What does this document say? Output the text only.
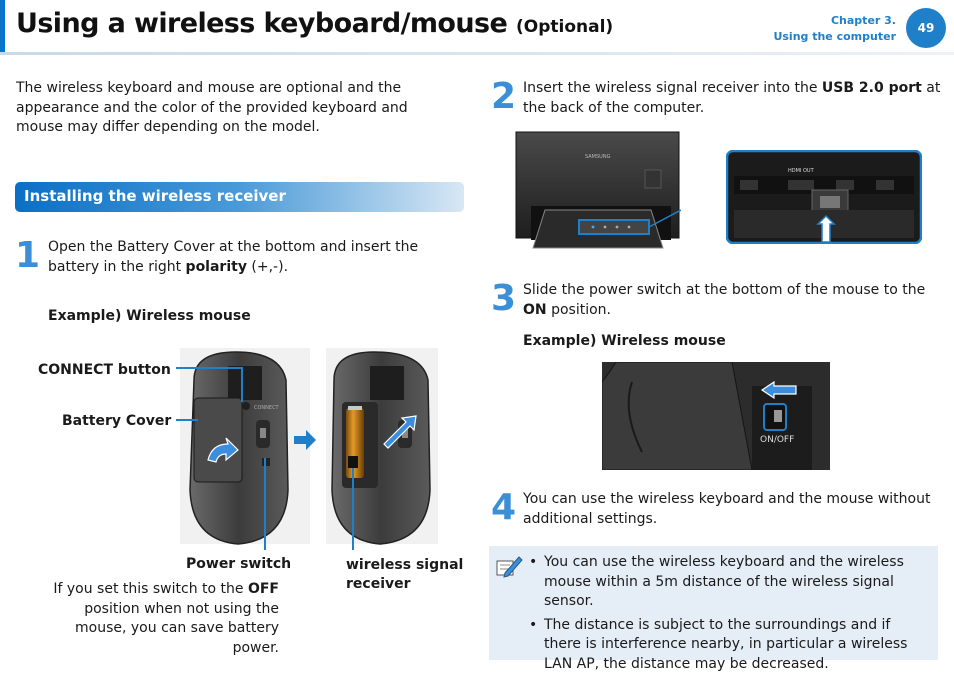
Using a wireless keyboard/mouse (Optional)	Chapter 3.
Using the computer
49

The wireless keyboard and mouse are optional and the appearance and the color of the provided keyboard and mouse may differ depending on the model.

Installing the wireless receiver
1 Open the Battery Cover at the bottom and insert the battery in the right polarity (+,-).

Example) Wireless mouse
CONNECT button
Battery Cover
CONNECT
Power switch	wireless signal receiver

If you set this switch to the OFF position when not using the mouse, you can save battery power.

2 Insert the wireless signal receiver into the USB 2.0 port at the back of the computer.

SAMSUNG
HDMI OUT
3 Slide the power switch at the bottom of the mouse to the ON position.

Example) Wireless mouse
ON/OFF
4 You can use the wireless keyboard and the mouse without additional settings.

• You can use the wireless keyboard and the wireless mouse within a 5m distance of the wireless signal sensor.
• The distance is subject to the surroundings and if there is interference nearby, in particular a wireless LAN AP, the distance may be decreased.
